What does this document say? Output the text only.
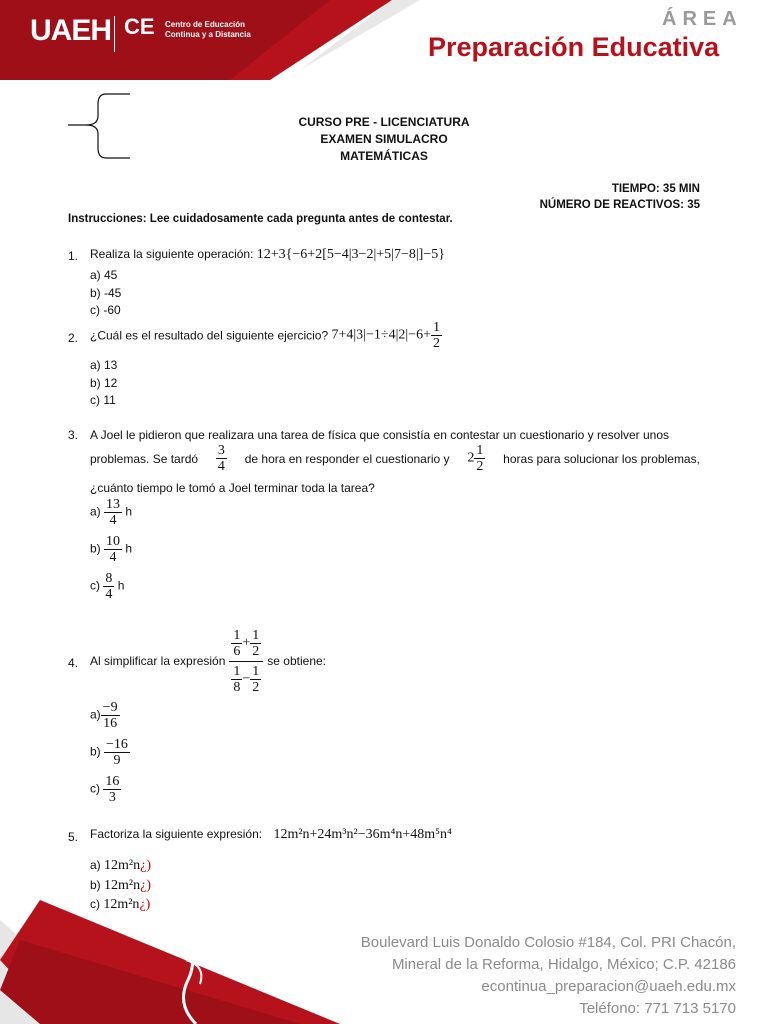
UAEH CE Centro de Educación
Continua y a Distancia
ÁREA
Preparación Educativa
CURSO PRE - LICENCIATURA
EXAMEN SIMULACRO
MATEMÁTICAS
TIEMPO: 35 MIN
NÚMERO DE REACTIVOS: 35
Instrucciones: Lee cuidadosamente cada pregunta antes de contestar.
1. Realiza la siguiente operación: 12+3{−6+2[5−4|3−2|+5|7−8|]−5}
a) 45
b) -45
c) -60
2. ¿Cuál es el resultado del siguiente ejercicio? $7+4|3|-1\div 4|2|-6+ \frac{1}{2}$
a) 13
b) 12
c) 11
3. A Joel le pidieron que realizara una tarea de física que consistía en contestar un cuestionario y resolver unos
problemas. Se tardó $\frac{3}{4}$ de hora en responder el cuestionario y $2 \frac{1}{2}$ horas para solucionar los problemas,
¿cuánto tiempo le tomó a Joel terminar toda la tarea?
$a) \frac{13}{4}$ h
$b) \frac{10}{4}$ h
$c) \frac{8}{4}$ h
4. Al simplificar la expresión $\frac{\frac{1}{6} + \frac{1}{2}}{\frac{1}{8} - \frac{1}{2}}$ se obtiene:
$a) \frac{-9}{16}$
$b) \frac{-16}{9}$
$c) \frac{16}{3}$
5. Factoriza la siguiente expresión: 12m²n+24m³n²−36m⁴n+48m⁵n⁴
a) 12m²n¿)
b) 12m²n¿)
c) 12m²n¿)
Boulevard Luis Donaldo Colosio #184, Col. PRI Chacón,
Mineral de la Reforma, Hidalgo, México; C.P. 42186
econtinua_preparacion@uaeh.edu.mx
Teléfono: 771 713 5170
